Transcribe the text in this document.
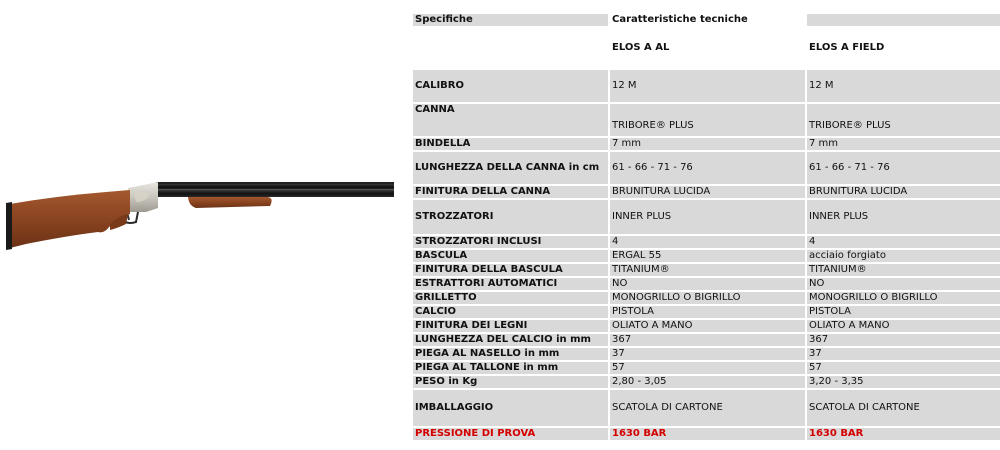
Specifiche	Caratteristiche tecniche	
	ELOS A AL	ELOS A FIELD
CALIBRO	12 M	12 M
CANNA	TRIBORE® PLUS	TRIBORE® PLUS
BINDELLA	7 mm	7 mm
LUNGHEZZA DELLA CANNA in cm	61 - 66 - 71 - 76	61 - 66 - 71 - 76
FINITURA DELLA CANNA	BRUNITURA LUCIDA	BRUNITURA LUCIDA
STROZZATORI	INNER PLUS	INNER PLUS
STROZZATORI INCLUSI	4	4
BASCULA	ERGAL 55	acciaio forgiato
FINITURA DELLA BASCULA	TITANIUM®	TITANIUM®
ESTRATTORI AUTOMATICI	NO	NO
GRILLETTO	MONOGRILLO O BIGRILLO	MONOGRILLO O BIGRILLO
CALCIO	PISTOLA	PISTOLA
FINITURA DEI LEGNI	OLIATO A MANO	OLIATO A MANO
LUNGHEZZA DEL CALCIO in mm	367	367
PIEGA AL NASELLO in mm	37	37
PIEGA AL TALLONE in mm	57	57
PESO in Kg	2,80 - 3,05	3,20 - 3,35
IMBALLAGGIO	SCATOLA DI CARTONE	SCATOLA DI CARTONE
PRESSIONE DI PROVA	1630 BAR	1630 BAR
